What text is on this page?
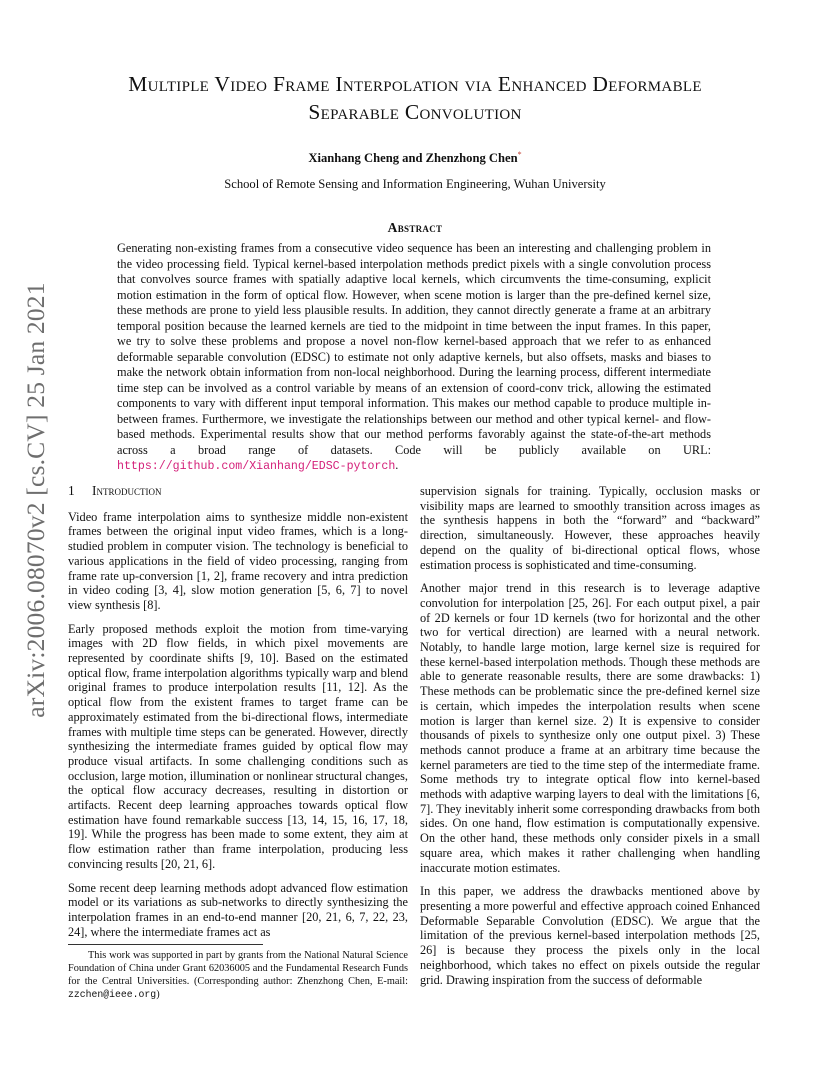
arXiv:2006.08070v2 [cs.CV] 25 Jan 2021
Multiple Video Frame Interpolation via Enhanced Deformable
Separable Convolution
Xianhang Cheng and Zhenzhong Chen*
School of Remote Sensing and Information Engineering, Wuhan University
Abstract
Generating non-existing frames from a consecutive video sequence has been an interesting and challenging problem in the video processing field. Typical kernel-based interpolation methods predict pixels with a single convolution process that convolves source frames with spatially adaptive local kernels, which circumvents the time-consuming, explicit motion estimation in the form of optical flow. However, when scene motion is larger than the pre-defined kernel size, these methods are prone to yield less plausible results. In addition, they cannot directly generate a frame at an arbitrary temporal position because the learned kernels are tied to the midpoint in time between the input frames. In this paper, we try to solve these problems and propose a novel non-flow kernel-based approach that we refer to as enhanced deformable separable convolution (EDSC) to estimate not only adaptive kernels, but also offsets, masks and biases to make the network obtain information from non-local neighborhood. During the learning process, different intermediate time step can be involved as a control variable by means of an extension of coord-conv trick, allowing the estimated components to vary with different input temporal information. This makes our method capable to produce multiple in-between frames. Furthermore, we investigate the relationships between our method and other typical kernel- and flow-based methods. Experimental results show that our method performs favorably against the state-of-the-art methods across a broad range of datasets. Code will be publicly available on URL: https://github.com/Xianhang/EDSC-pytorch.
1 Introduction

Video frame interpolation aims to synthesize middle non-existent frames between the original input video frames, which is a long-studied problem in computer vision. The technology is beneficial to various applications in the field of video processing, ranging from frame rate up-conversion [1, 2], frame recovery and intra prediction in video coding [3, 4], slow motion generation [5, 6, 7] to novel view synthesis [8].

Early proposed methods exploit the motion from time-varying images with 2D flow fields, in which pixel movements are represented by coordinate shifts [9, 10]. Based on the estimated optical flow, frame interpolation algorithms typically warp and blend original frames to produce interpolation results [11, 12]. As the optical flow from the existent frames to target frame can be approximately estimated from the bi-directional flows, intermediate frames with multiple time steps can be generated. However, directly synthesizing the intermediate frames guided by optical flow may produce visual artifacts. In some challenging conditions such as occlusion, large motion, illumination or nonlinear structural changes, the optical flow accuracy decreases, resulting in distortion or artifacts. Recent deep learning approaches towards optical flow estimation have found remarkable success [13, 14, 15, 16, 17, 18, 19]. While the progress has been made to some extent, they aim at flow estimation rather than frame interpolation, producing less convincing results [20, 21, 6].

Some recent deep learning methods adopt advanced flow estimation model or its variations as sub-networks to directly synthesizing the interpolation frames in an end-to-end manner [20, 21, 6, 7, 22, 23, 24], where the intermediate frames act as

supervision signals for training. Typically, occlusion masks or visibility maps are learned to smoothly transition across images as the synthesis happens in both the “forward” and “backward” direction, simultaneously. However, these approaches heavily depend on the quality of bi-directional optical flows, whose estimation process is sophisticated and time-consuming.

Another major trend in this research is to leverage adaptive convolution for interpolation [25, 26]. For each output pixel, a pair of 2D kernels or four 1D kernels (two for horizontal and the other two for vertical direction) are learned with a neural network. Notably, to handle large motion, large kernel size is required for these kernel-based interpolation methods. Though these methods are able to generate reasonable results, there are some drawbacks: 1) These methods can be problematic since the pre-defined kernel size is certain, which impedes the interpolation results when scene motion is larger than kernel size. 2) It is expensive to consider thousands of pixels to synthesize only one output pixel. 3) These methods cannot produce a frame at an arbitrary time because the kernel parameters are tied to the time step of the intermediate frame. Some methods try to integrate optical flow into kernel-based methods with adaptive warping layers to deal with the limitations [6, 7]. They inevitably inherit some corresponding drawbacks from both sides. On one hand, flow estimation is computationally expensive. On the other hand, these methods only consider pixels in a small square area, which makes it rather challenging when handling inaccurate motion estimates.

In this paper, we address the drawbacks mentioned above by presenting a more powerful and effective approach coined Enhanced Deformable Separable Convolution (EDSC). We argue that the limitation of the previous kernel-based interpolation methods [25, 26] is because they process the pixels only in the local neighborhood, which takes no effect on pixels outside the regular grid. Drawing inspiration from the success of deformable

This work was supported in part by grants from the National Natural Science Foundation of China under Grant 62036005 and the Fundamental Research Funds for the Central Universities. (Corresponding author: Zhenzhong Chen, E-mail: zzchen@ieee.org)
